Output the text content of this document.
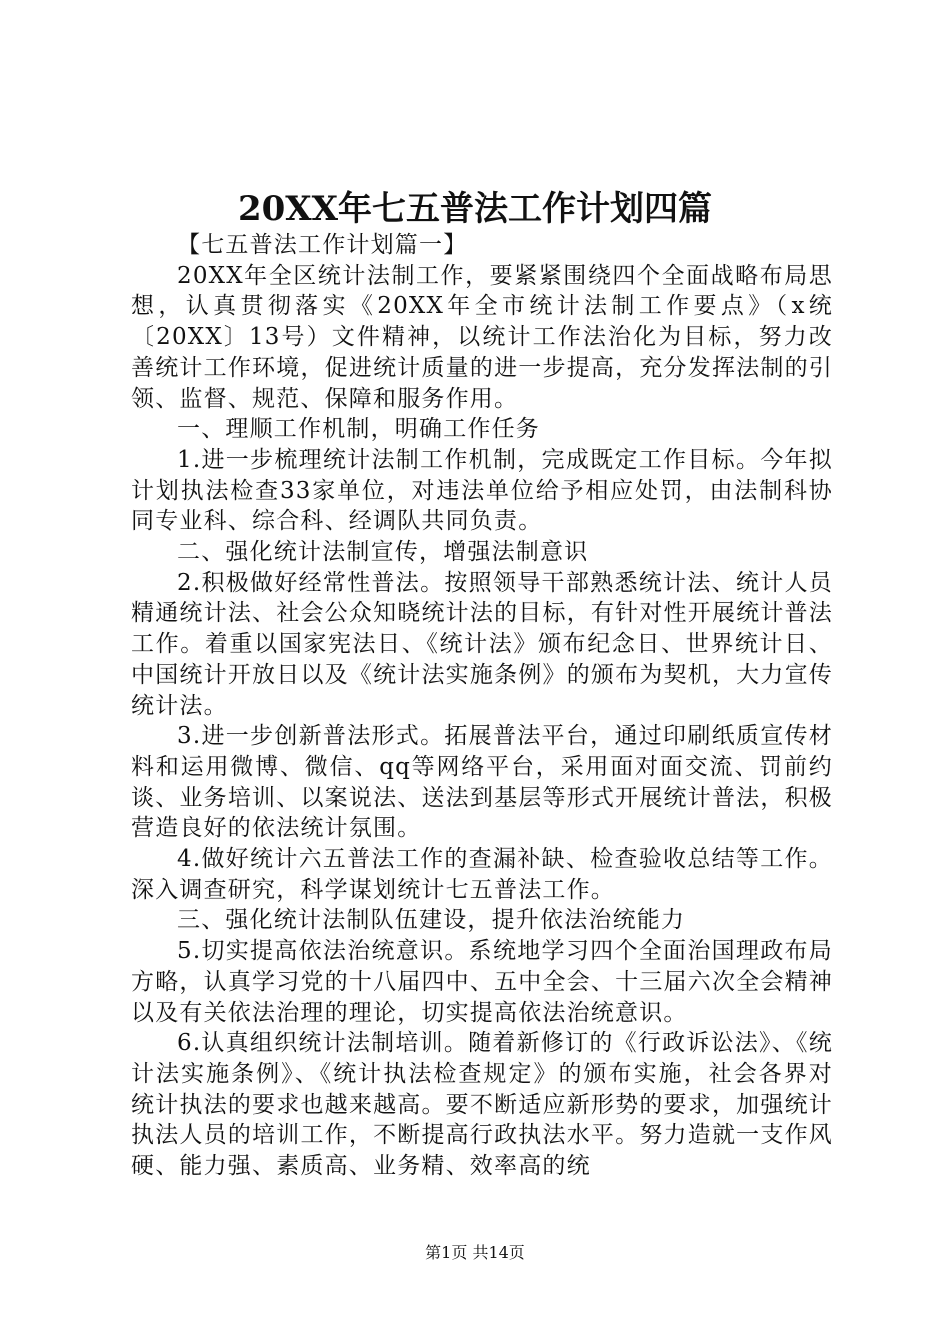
20XX年七五普法工作计划四篇

【七五普法工作计划篇一】

20XX年全区统计法制工作，要紧紧围绕四个全面战略布局思想，认真贯彻落实《20XX年全市统计法制工作要点》（x统〔20XX〕13号）文件精神，以统计工作法治化为目标，努力改善统计工作环境，促进统计质量的进一步提高，充分发挥法制的引领、监督、规范、保障和服务作用。

一、理顺工作机制，明确工作任务

1.进一步梳理统计法制工作机制，完成既定工作目标。今年拟计划执法检查33家单位，对违法单位给予相应处罚，由法制科协同专业科、综合科、经调队共同负责。

二、强化统计法制宣传，增强法制意识

2.积极做好经常性普法。按照领导干部熟悉统计法、统计人员精通统计法、社会公众知晓统计法的目标，有针对性开展统计普法工作。着重以国家宪法日、《统计法》颁布纪念日、世界统计日、中国统计开放日以及《统计法实施条例》的颁布为契机，大力宣传统计法。

3.进一步创新普法形式。拓展普法平台，通过印刷纸质宣传材料和运用微博、微信、qq等网络平台，采用面对面交流、罚前约谈、业务培训、以案说法、送法到基层等形式开展统计普法，积极营造良好的依法统计氛围。

4.做好统计六五普法工作的查漏补缺、检查验收总结等工作。深入调查研究，科学谋划统计七五普法工作。

三、强化统计法制队伍建设，提升依法治统能力

5.切实提高依法治统意识。系统地学习四个全面治国理政布局方略，认真学习党的十八届四中、五中全会、十三届六次全会精神以及有关依法治理的理论，切实提高依法治统意识。

6.认真组织统计法制培训。随着新修订的《行政诉讼法》、《统计法实施条例》、《统计执法检查规定》的颁布实施，社会各界对统计执法的要求也越来越高。要不断适应新形势的要求，加强统计执法人员的培训工作，不断提高行政执法水平。努力造就一支作风硬、能力强、素质高、业务精、效率高的统

第1页 共14页
